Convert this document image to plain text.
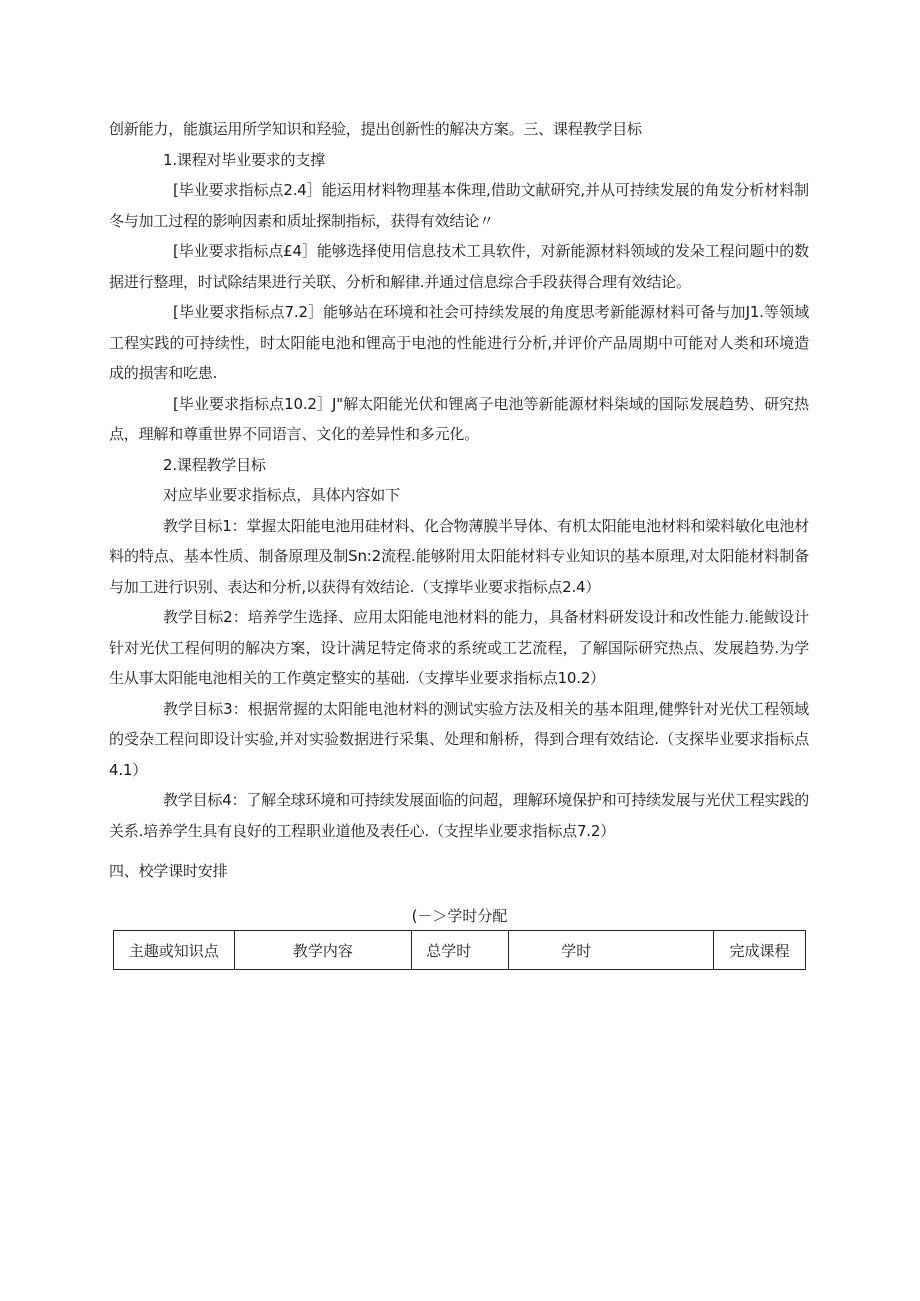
创新能力，能旗运用所学知识和羟验，提出创新性的解决方案。三、课程教学目标

1.课程对毕业要求的支撑

[毕业要求指标点2.4］能运用材料物理基本侏理,借助文献研究,并从可持续发展的角发分析材料制冬与加工过程的影响因素和质址探制指标，获得有效结论〃

[毕业要求指标点£4］能够选择使用信息技术工具软件，对新能源材料领域的发朵工程问题中的数据进行整理，时试除结果进行关联、分析和解律.并通过信息综合手段获得合理有效结论。

[毕业要求指标点7.2］能够站在环境和社会可持续发展的角度思考新能源材料可备与加J1.等领域工程实践的可持续性，时太阳能电池和锂高于电池的性能进行分析,并评价产品周期中可能对人类和环境造成的损害和吃患.

[毕业要求指标点10.2］J"解太阳能光伏和锂离子电池等新能源材料柒域的国际发展趋势、研究热点，理解和尊重世界不同语言、文化的差异性和多元化。

2.课程教学目标

对应毕业要求指标点，具体内容如下

教学目标1：掌握太阳能电池用硅材料、化合物薄膜半导体、有机太阳能电池材料和梁料敏化电池材料的特点、基本性质、制备原理及制Sn:2流程.能够附用太阳能材料专业知识的基本原理,对太阳能材料制备与加工进行识别、表达和分析,以获得有效结论.（支撑毕业要求指标点2.4）

教学目标2：培养学生选择、应用太阳能电池材料的能力，具备材料研发设计和改性能力.能鲅设计针对光伏工程何明的解决方案，设计满足特定倚求的系统或工艺流程，了解国际研究热点、发展趋势.为学生从事太阳能电池相关的工作奠定整实的基础.（支撑毕业要求指标点10.2）

教学目标3：根据常握的太阳能电池材料的测试实验方法及相关的基本阻理,健弊针对光伏工程领域的受杂工程问即设计实验,并对实验数据进行采集、处理和斛桥，得到合理有效结论.（支探毕业要求指标点4.1）

教学目标4：了解全球环境和可持续发展面临的问超，理解环境保护和可持续发展与光伏工程实践的关系.培养学生具有良好的工程职业道他及表任心.（支捏毕业要求指标点7.2）

四、校学课时安排

(－＞学时分配

主趣或知识点	教学内容	总学时	学时	完成课程
